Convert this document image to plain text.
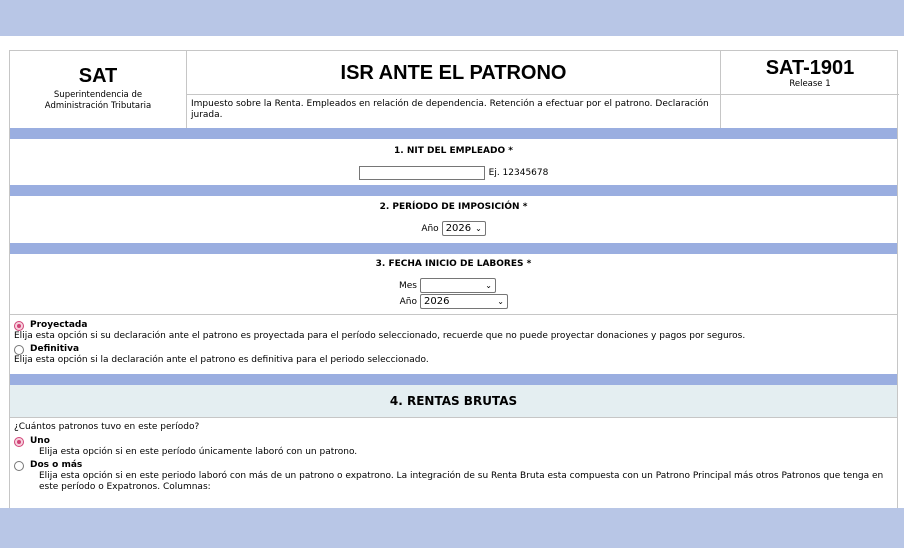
SAT
Superintendencia de
Administración Tributaria
ISR ANTE EL PATRONO
Impuesto sobre la Renta. Empleados en relación de dependencia. Retención a efectuar por el patrono. Declaración jurada.
SAT-1901
Release 1
1. NIT DEL EMPLEADO *
Ej. 12345678
2. PERÍODO DE IMPOSICIÓN *
Año 2026 ⌄
3. FECHA INICIO DE LABORES *
Mes	⌄
Año 2026	⌄
Proyectada
Elija esta opción si su declaración ante el patrono es proyectada para el período seleccionado, recuerde que no puede proyectar donaciones y pagos por seguros.
Definitiva
Elija esta opción si la declaración ante el patrono es definitiva para el periodo seleccionado.
4. RENTAS BRUTAS
¿Cuántos patronos tuvo en este período?
Uno
Elija esta opción si en este período únicamente laboró con un patrono.
Dos o más
Elija esta opción si en este periodo laboró con más de un patrono o expatrono. La integración de su Renta Bruta esta compuesta con un Patrono Principal más otros Patronos que tenga en este período o Expatronos. Columnas:
